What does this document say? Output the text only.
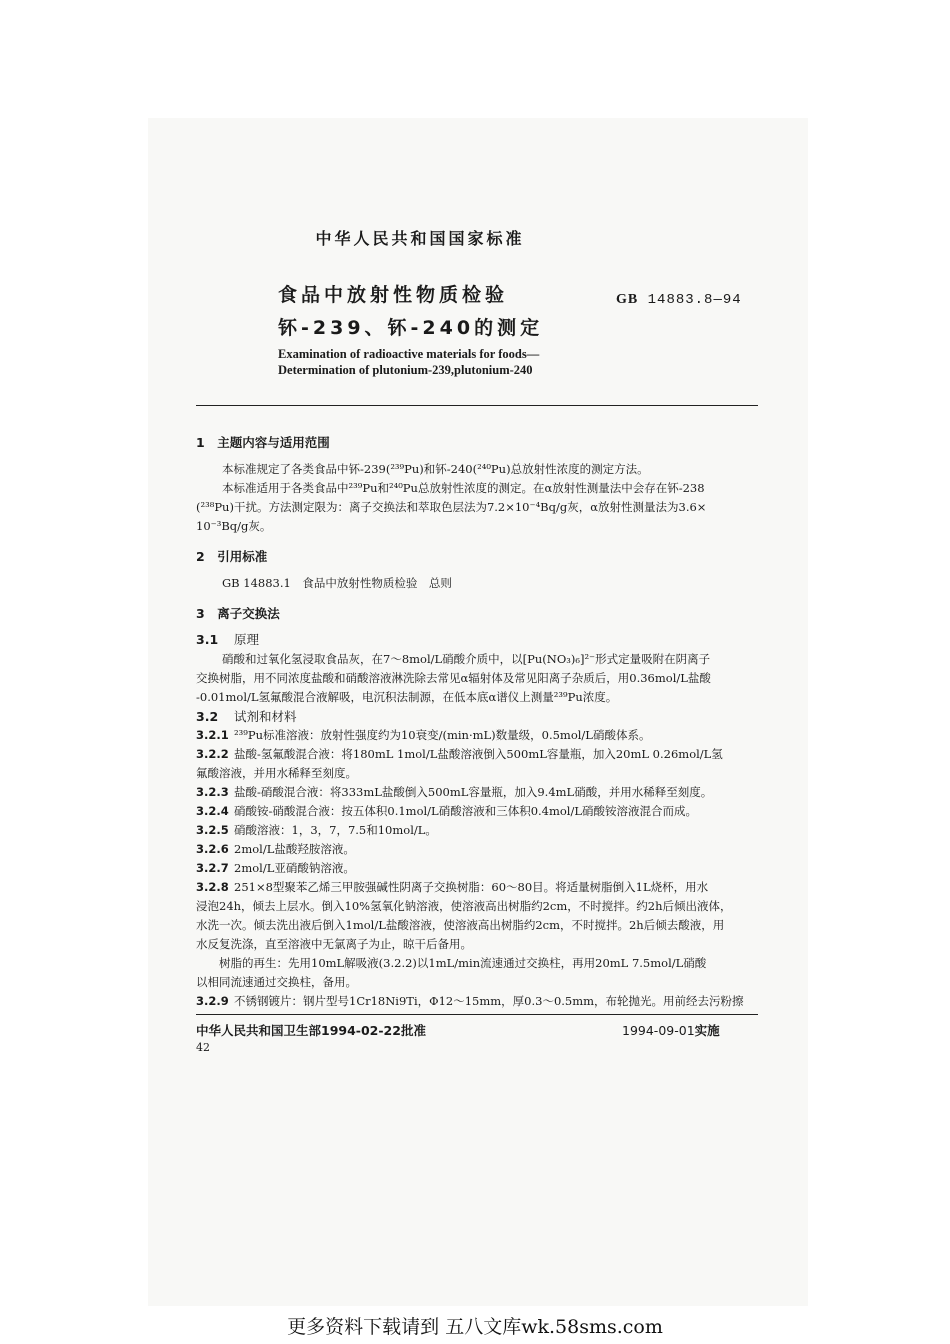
中华人民共和国国家标准
食品中放射性物质检验
钚-239、钚-240的测定
GB 14883.8—94
Examination of radioactive materials for foods—
Determination of plutonium-239,plutonium-240
1　主题内容与适用范围
本标准规定了各类食品中钚-239(²³⁹Pu)和钚-240(²⁴⁰Pu)总放射性浓度的测定方法。
本标准适用于各类食品中²³⁹Pu和²⁴⁰Pu总放射性浓度的测定。在α放射性测量法中会存在钚-238
(²³⁸Pu)干扰。方法测定限为：离子交换法和萃取色层法为7.2×10⁻⁴Bq/g灰，α放射性测量法为3.6×
10⁻³Bq/g灰。
2　引用标准
GB 14883.1　食品中放射性物质检验　总则
3　离子交换法
3.1 原理
硝酸和过氧化氢浸取食品灰，在7～8mol/L硝酸介质中，以[Pu(NO₃)₆]²⁻形式定量吸附在阴离子
交换树脂，用不同浓度盐酸和硝酸溶液淋洗除去常见α辐射体及常见阳离子杂质后，用0.36mol/L盐酸
-0.01mol/L氢氟酸混合液解吸，电沉积法制源，在低本底α谱仪上测量²³⁹Pu浓度。
3.2 试剂和材料
3.2.1 ²³⁹Pu标准溶液：放射性强度约为10衰变/(min·mL)数量级，0.5mol/L硝酸体系。
3.2.2 盐酸-氢氟酸混合液：将180mL 1mol/L盐酸溶液倒入500mL容量瓶，加入20mL 0.26mol/L氢
氟酸溶液，并用水稀释至刻度。
3.2.3 盐酸-硝酸混合液：将333mL盐酸倒入500mL容量瓶，加入9.4mL硝酸，并用水稀释至刻度。
3.2.4 硝酸铵-硝酸混合液：按五体积0.1mol/L硝酸溶液和三体积0.4mol/L硝酸铵溶液混合而成。
3.2.5 硝酸溶液：1，3，7，7.5和10mol/L。
3.2.6 2mol/L盐酸羟胺溶液。
3.2.7 2mol/L亚硝酸钠溶液。
3.2.8 251×8型聚苯乙烯三甲胺强碱性阴离子交换树脂：60～80目。将适量树脂倒入1L烧杯，用水
浸泡24h，倾去上层水。倒入10%氢氧化钠溶液，使溶液高出树脂约2cm，不时搅拌。约2h后倾出液体，
水洗一次。倾去洗出液后倒入1mol/L盐酸溶液，使溶液高出树脂约2cm，不时搅拌。2h后倾去酸液，用
水反复洗涤，直至溶液中无氯离子为止，晾干后备用。
　　树脂的再生：先用10mL解吸液(3.2.2)以1mL/min流速通过交换柱，再用20mL 7.5mol/L硝酸
以相同流速通过交换柱，备用。
3.2.9 不锈钢镀片：钢片型号1Cr18Ni9Ti，Φ12～15mm，厚0.3～0.5mm，布轮抛光。用前经去污粉擦
中华人民共和国卫生部1994-02-22批准	1994-09-01实施
42
更多资料下载请到 五八文库wk.58sms.com
